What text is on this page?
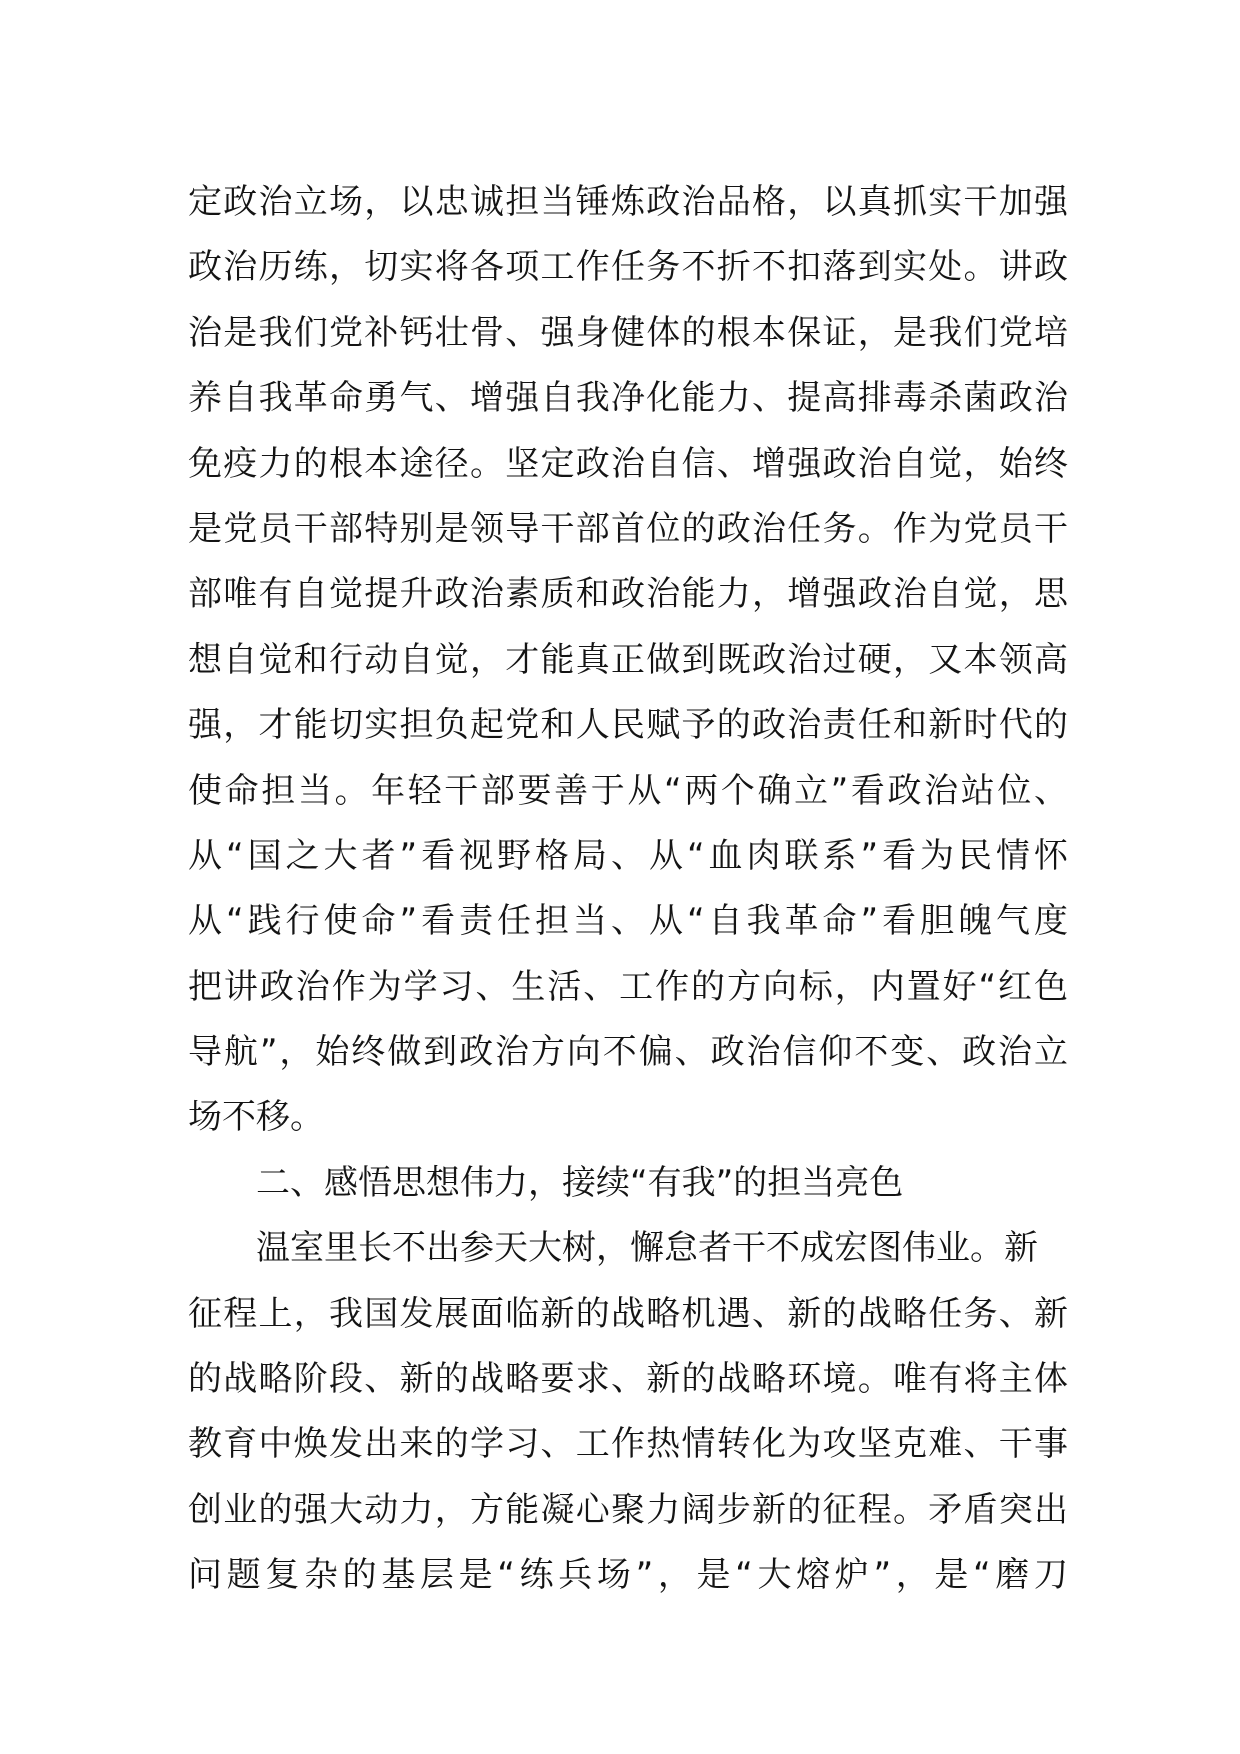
定政治立场，以忠诚担当锤炼政治品格，以真抓实干加强
政治历练，切实将各项工作任务不折不扣落到实处。讲政
治是我们党补钙壮骨、强身健体的根本保证，是我们党培
养自我革命勇气、增强自我净化能力、提高排毒杀菌政治
免疫力的根本途径。坚定政治自信、增强政治自觉，始终
是党员干部特别是领导干部首位的政治任务。作为党员干
部唯有自觉提升政治素质和政治能力，增强政治自觉，思
想自觉和行动自觉，才能真正做到既政治过硬，又本领高
强，才能切实担负起党和人民赋予的政治责任和新时代的
使命担当。年轻干部要善于从“两个确立”看政治站位、
从“国之大者”看视野格局、从“血肉联系”看为民情怀
从“践行使命”看责任担当、从“自我革命”看胆魄气度
把讲政治作为学习、生活、工作的方向标，内置好“红色
导航”，始终做到政治方向不偏、政治信仰不变、政治立
场不移。
二、感悟思想伟力，接续“有我”的担当亮色
温室里长不出参天大树，懈怠者干不成宏图伟业。新
征程上，我国发展面临新的战略机遇、新的战略任务、新
的战略阶段、新的战略要求、新的战略环境。唯有将主体
教育中焕发出来的学习、工作热情转化为攻坚克难、干事
创业的强大动力，方能凝心聚力阔步新的征程。矛盾突出
问题复杂的基层是“练兵场”，是“大熔炉”，是“磨刀
